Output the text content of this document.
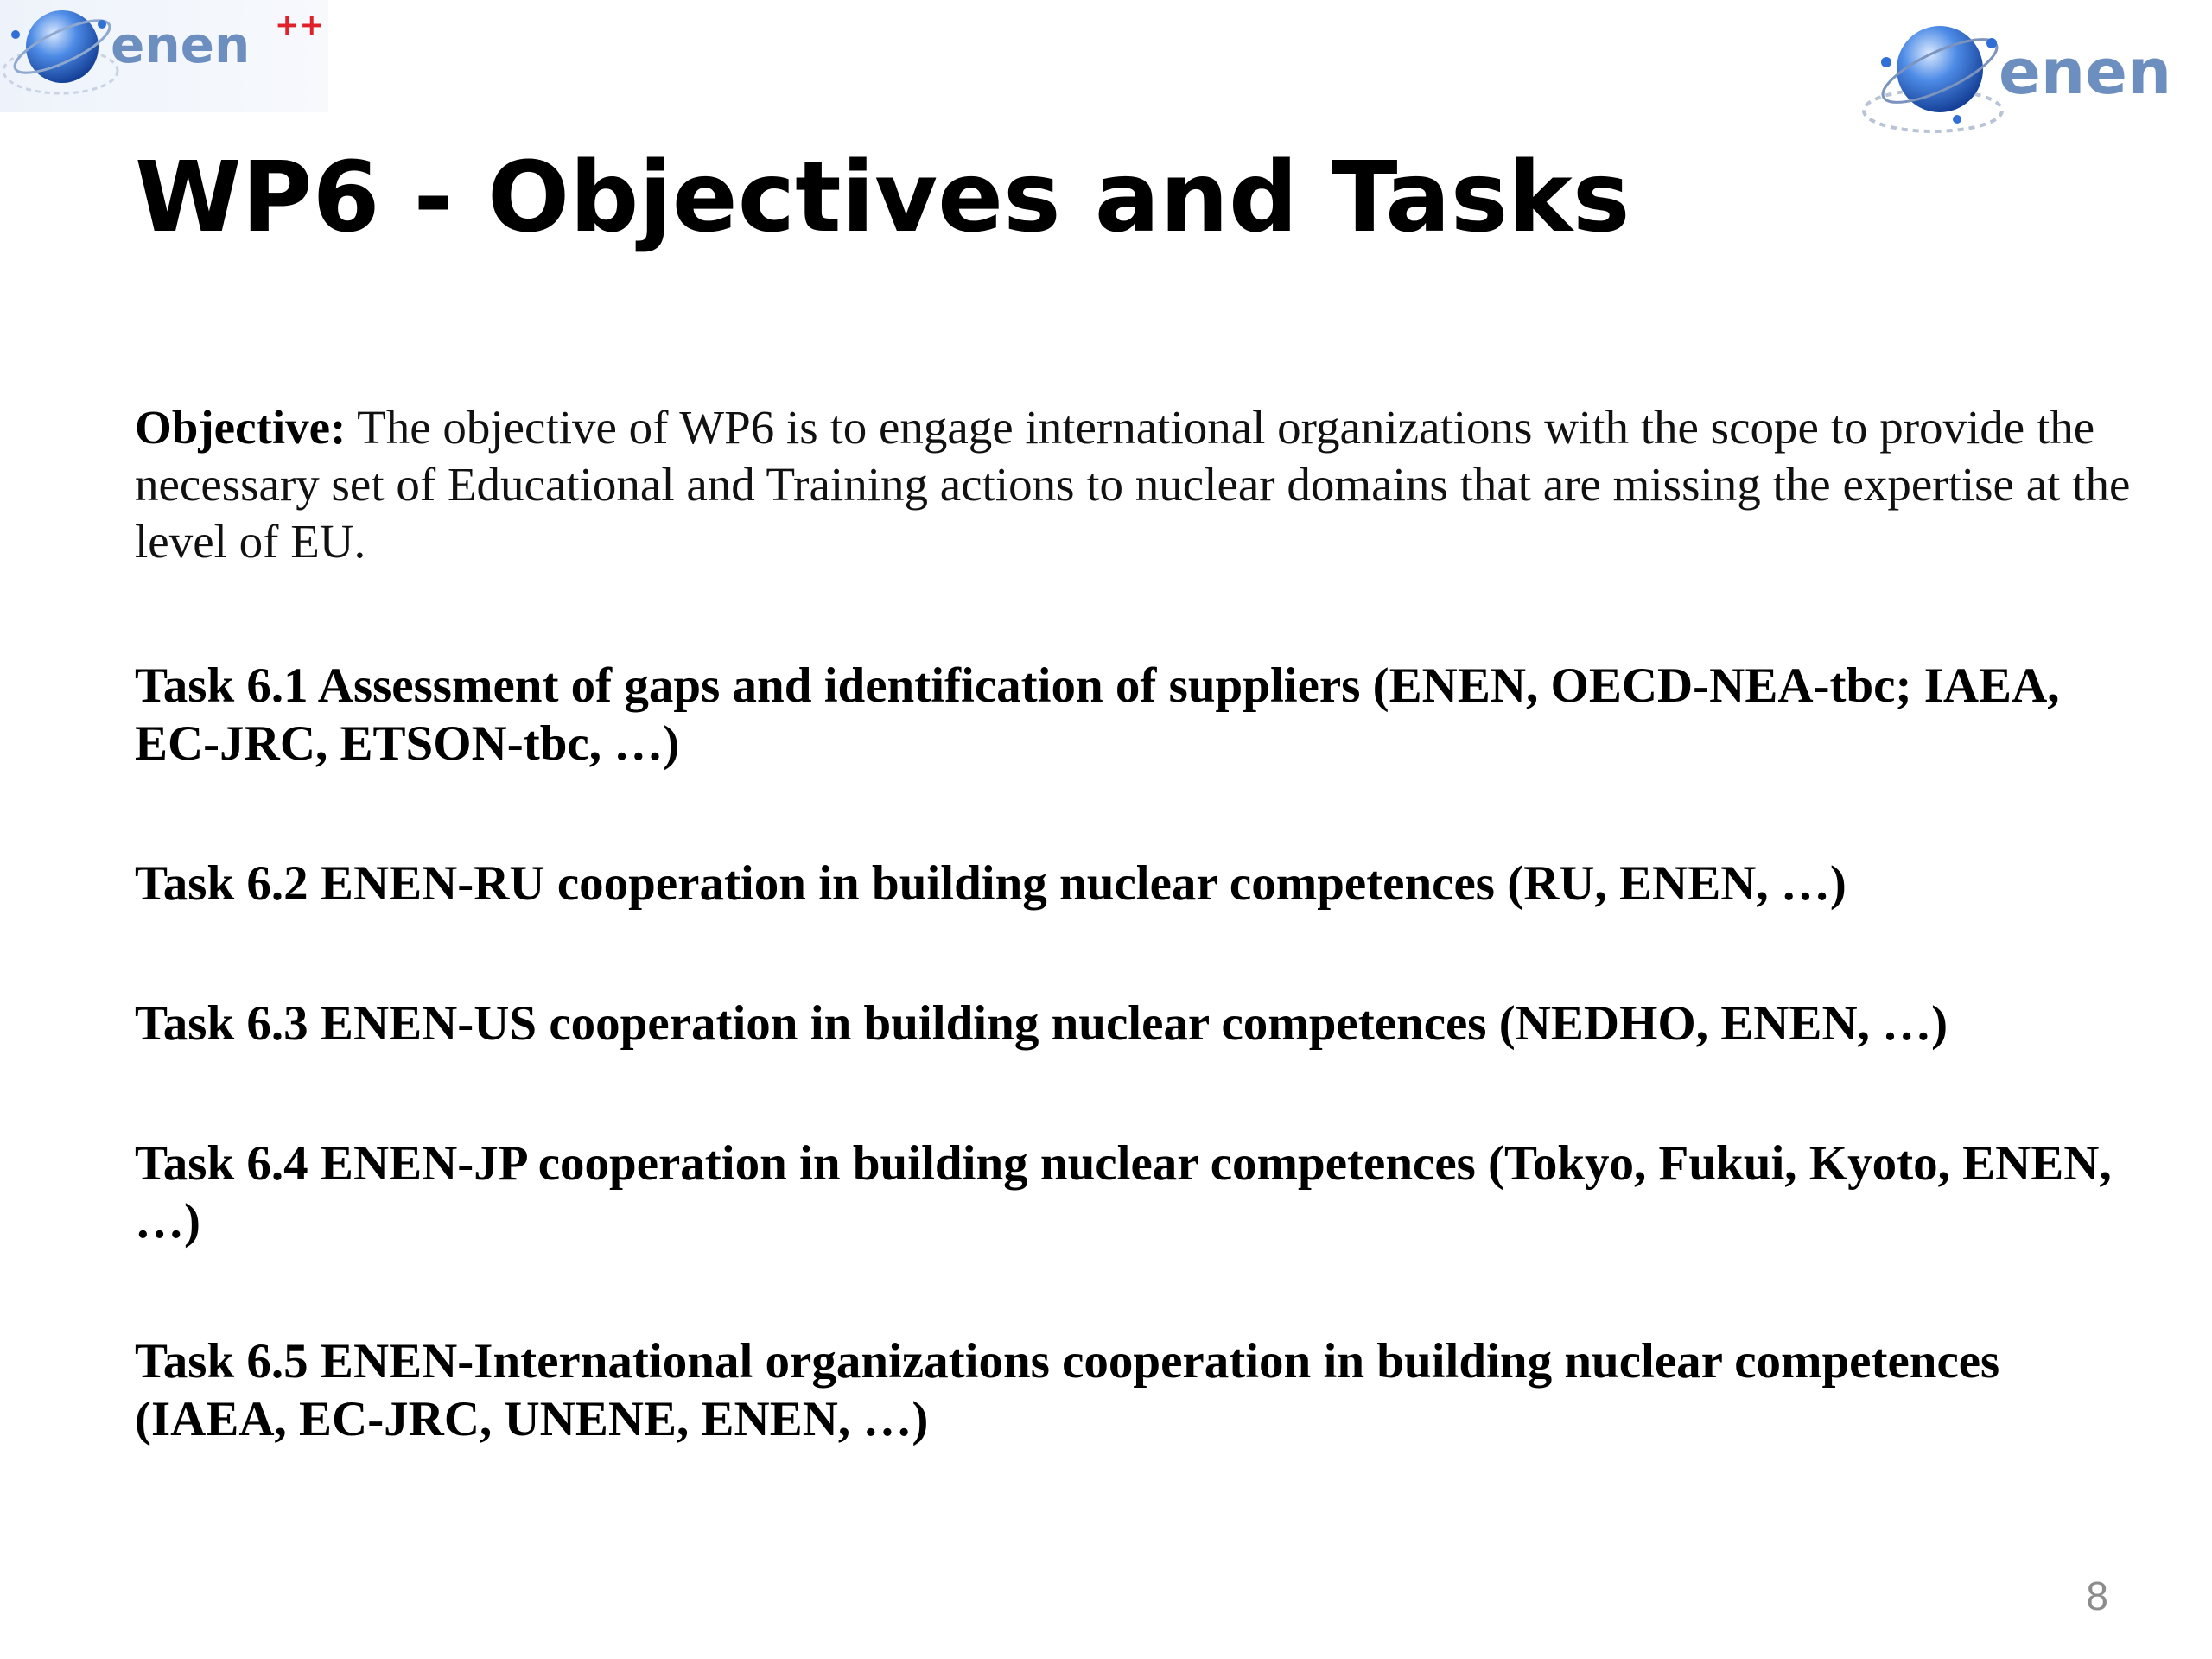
enen ++
enen
WP6 - Objectives and Tasks

Objective: The objective of WP6 is to engage international organizations with the scope to provide the necessary set of Educational and Training actions to nuclear domains that are missing the expertise at the level of EU.

Task 6.1 Assessment of gaps and identification of suppliers (ENEN, OECD-NEA-tbc; IAEA, EC-JRC, ETSON-tbc, …)

Task 6.2 ENEN-RU cooperation in building nuclear competences (RU, ENEN, …)

Task 6.3 ENEN-US cooperation in building nuclear competences (NEDHO, ENEN, …)

Task 6.4 ENEN-JP cooperation in building nuclear competences (Tokyo, Fukui, Kyoto, ENEN, …)

Task 6.5 ENEN-International organizations cooperation in building nuclear competences (IAEA, EC-JRC, UNENE, ENEN, …)

8
